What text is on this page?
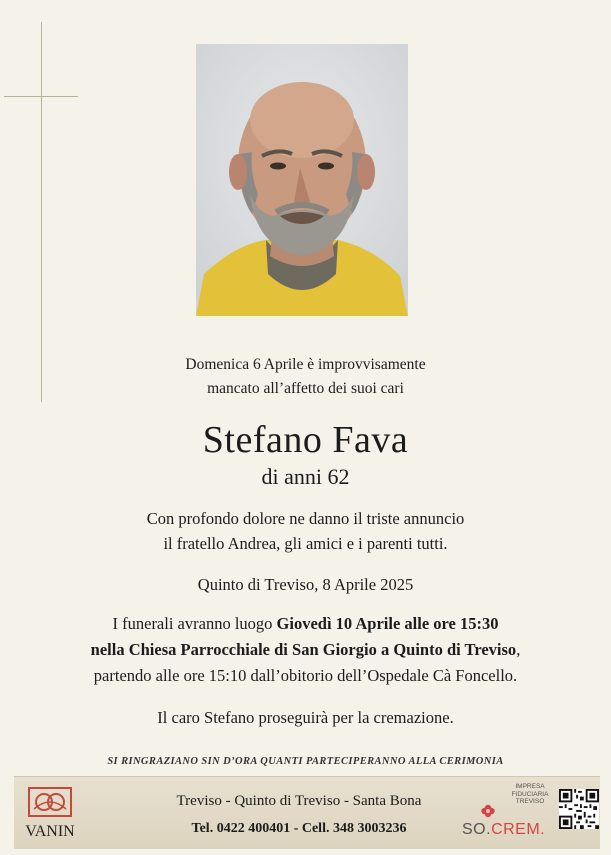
Domenica 6 Aprile è improvvisamente
mancato all’affetto dei suoi cari
Stefano Fava
di anni 62
Con profondo dolore ne danno il triste annuncio
il fratello Andrea, gli amici e i parenti tutti.
Quinto di Treviso, 8 Aprile 2025
I funerali avranno luogo Giovedì 10 Aprile alle ore 15:30
nella Chiesa Parrocchiale di San Giorgio a Quinto di Treviso,
partendo alle ore 15:10 dall’obitorio dell’Ospedale Cà Foncello.
Il caro Stefano proseguirà per la cremazione.
SI RINGRAZIANO SIN D’ORA QUANTI PARTECIPERANNO ALLA CERIMONIA
VANIN
Treviso - Quinto di Treviso - Santa Bona
Tel. 0422 400401 - Cell. 348 3003236
IMPRESA
FIDUCIARIA
TREVISO
SO.CREM.
